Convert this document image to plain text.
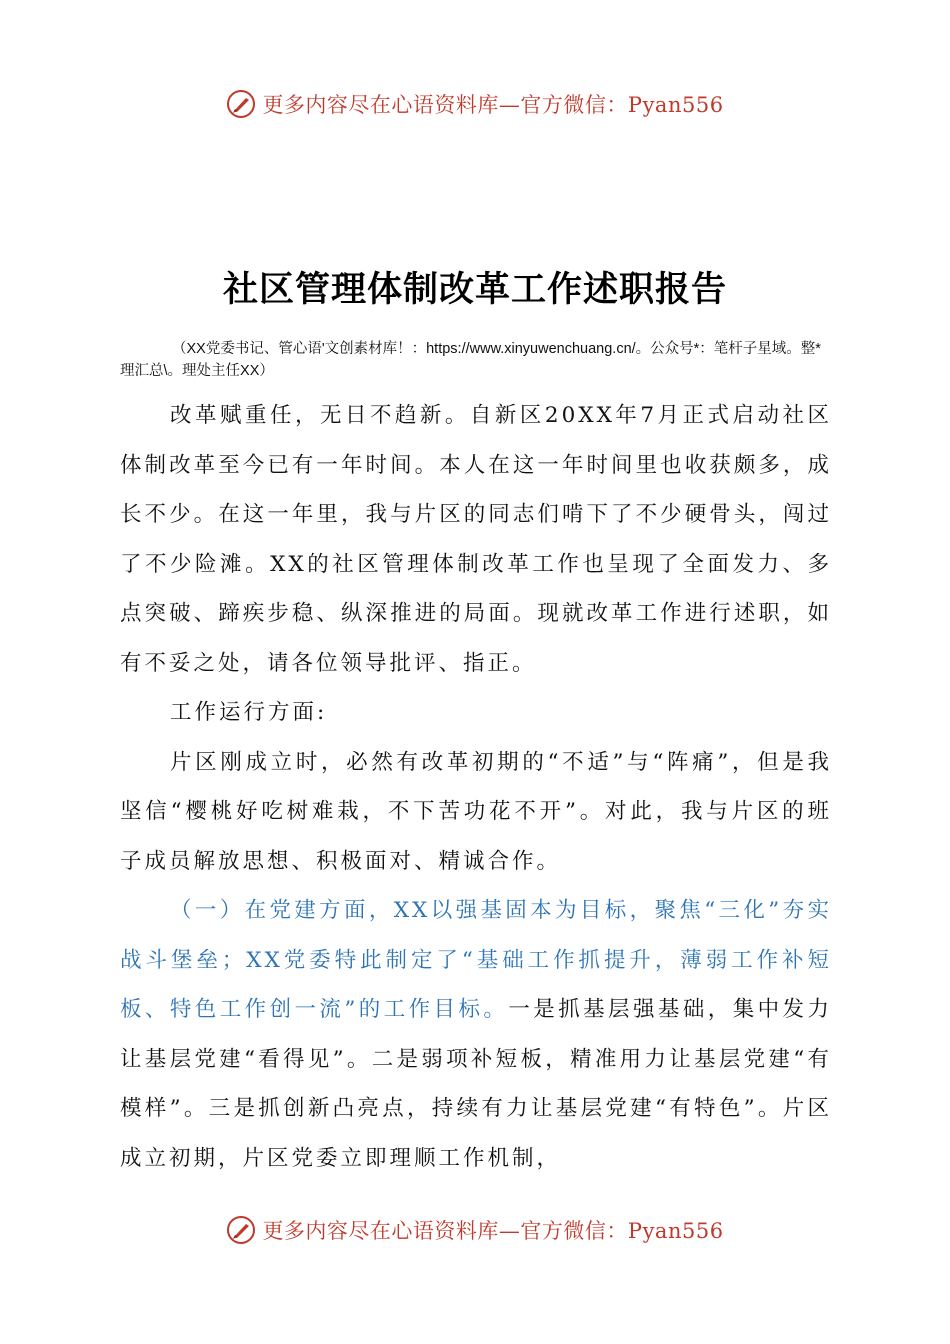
更多内容尽在心语资料库—官方微信：Pyan556
社区管理体制改革工作述职报告
（XX党委书记、管心语'文创素材库！：https://www.xinyuwenchuang.cn/。公众号*：笔杆子星域。整*理汇总\。理处主任XX）

改革赋重任，无日不趋新。自新区20XX年7月正式启动社区体制改革至今已有一年时间。本人在这一年时间里也收获颇多，成长不少。在这一年里，我与片区的同志们啃下了不少硬骨头，闯过了不少险滩。XX的社区管理体制改革工作也呈现了全面发力、多点突破、蹄疾步稳、纵深推进的局面。现就改革工作进行述职，如有不妥之处，请各位领导批评、指正。

工作运行方面:

片区刚成立时，必然有改革初期的“不适”与“阵痛”，但是我坚信“樱桃好吃树难栽，不下苦功花不开”。对此，我与片区的班子成员解放思想、积极面对、精诚合作。

（一）在党建方面，XX以强基固本为目标，聚焦“三化”夯实战斗堡垒；XX党委特此制定了“基础工作抓提升，薄弱工作补短板、特色工作创一流”的工作目标。一是抓基层强基础，集中发力让基层党建“看得见”。二是弱项补短板，精准用力让基层党建“有模样”。三是抓创新凸亮点，持续有力让基层党建“有特色”。片区成立初期，片区党委立即理顺工作机制，

更多内容尽在心语资料库—官方微信：Pyan556
